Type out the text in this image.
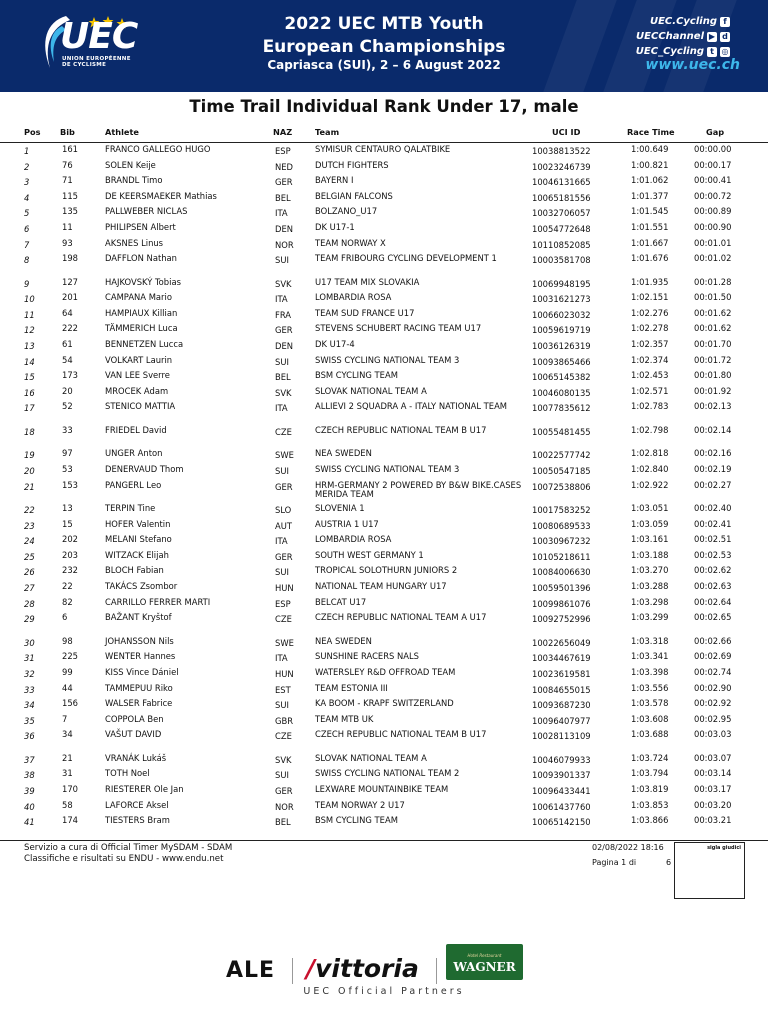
UEC
UNION EUROPÉENNE
DE CYCLISME
2022 UEC MTB Youth
European Championships
Capriasca (SUI), 2 – 6 August 2022
UEC.Cycling f
UECChannel ▶ d
UEC_Cycling t ◎
www.uec.ch
Time Trail Individual Rank Under 17, male
Pos Bib	Athlete	NAZ	Team	UCI ID	Race Time	Gap
1	161	FRANCO GALLEGO HUGO	ESP	SYMISUR CENTAURO QALATBIKE	10038813522	1:00.649	00:00.00
2	76	SOLEN Keije	NED	DUTCH FIGHTERS	10023246739	1:00.821	00:00.17
3	71	BRANDL Timo	GER	BAYERN I	10046131665	1:01.062	00:00.41
4	115	DE KEERSMAEKER Mathias	BEL	BELGIAN FALCONS	10065181556	1:01.377	00:00.72
5	135	PALLWEBER NICLAS	ITA	BOLZANO_U17	10032706057	1:01.545	00:00.89
6	11	PHILIPSEN Albert	DEN	DK U17-1	10054772648	1:01.551	00:00.90
7	93	AKSNES Linus	NOR	TEAM NORWAY X	10110852085	1:01.667	00:01.01
8	198	DAFFLON Nathan	SUI	TEAM FRIBOURG CYCLING DEVELOPMENT 1	10003581708	1:01.676	00:01.02
9	127	HAJKOVSKÝ Tobias	SVK	U17 TEAM MIX SLOVAKIA	10069948195	1:01.935	00:01.28
10	201	CAMPANA Mario	ITA	LOMBARDIA ROSA	10031621273	1:02.151	00:01.50
11	64	HAMPIAUX Killian	FRA	TEAM SUD FRANCE U17	10066023032	1:02.276	00:01.62
12	222	TÄMMERICH Luca	GER	STEVENS SCHUBERT RACING TEAM U17	10059619719	1:02.278	00:01.62
13	61	BENNETZEN Lucca	DEN	DK U17-4	10036126319	1:02.357	00:01.70
14	54	VOLKART Laurin	SUI	SWISS CYCLING NATIONAL TEAM 3	10093865466	1:02.374	00:01.72
15	173	VAN LEE Sverre	BEL	BSM CYCLING TEAM	10065145382	1:02.453	00:01.80
16	20	MROCEK Adam	SVK	SLOVAK NATIONAL TEAM A	10046080135	1:02.571	00:01.92
17	52	STENICO MATTIA	ITA	ALLIEVI 2 SQUADRA A - ITALY NATIONAL TEAM	10077835612	1:02.783	00:02.13
18	33	FRIEDEL David	CZE	CZECH REPUBLIC NATIONAL TEAM B U17	10055481455	1:02.798	00:02.14
19	97	UNGER Anton	SWE	NEA SWEDEN	10022577742	1:02.818	00:02.16
20	53	DENERVAUD Thom	SUI	SWISS CYCLING NATIONAL TEAM 3	10050547185	1:02.840	00:02.19
21	153	PANGERL Leo	GER	HRM-GERMANY 2 POWERED BY B&W BIKE.CASES MERIDA TEAM
10072538806	1:02.922	00:02.27
22	13	TERPIN Tine	SLO	SLOVENIA 1	10017583252	1:03.051	00:02.40
23	15	HOFER Valentin	AUT	AUSTRIA 1 U17	10080689533	1:03.059	00:02.41
24	202	MELANI Stefano	ITA	LOMBARDIA ROSA	10030967232	1:03.161	00:02.51
25	203	WITZACK Elijah	GER	SOUTH WEST GERMANY 1	10105218611	1:03.188	00:02.53
26	232	BLOCH Fabian	SUI	TROPICAL SOLOTHURN JUNIORS 2	10084006630	1:03.270	00:02.62
27	22	TAKÁCS Zsombor	HUN	NATIONAL TEAM HUNGARY U17	10059501396	1:03.288	00:02.63
28	82	CARRILLO FERRER MARTI	ESP	BELCAT U17	10099861076	1:03.298	00:02.64
29	6	BAŽANT Kryštof	CZE	CZECH REPUBLIC NATIONAL TEAM A U17	10092752996	1:03.299	00:02.65
30	98	JOHANSSON Nils	SWE	NEA SWEDEN	10022656049	1:03.318	00:02.66
31	225	WENTER Hannes	ITA	SUNSHINE RACERS NALS	10034467619	1:03.341	00:02.69
32	99	KISS Vince Dániel	HUN	WATERSLEY R&D OFFROAD TEAM	10023619581	1:03.398	00:02.74
33	44	TAMMEPUU Riko	EST	TEAM ESTONIA III	10084655015	1:03.556	00:02.90
34	156	WALSER Fabrice	SUI	KA BOOM - KRAPF SWITZERLAND	10093687230	1:03.578	00:02.92
35	7	COPPOLA Ben	GBR	TEAM MTB UK	10096407977	1:03.608	00:02.95
36	34	VAŠUT DAVID	CZE	CZECH REPUBLIC NATIONAL TEAM B U17	10028113109	1:03.688	00:03.03
37	21	VRANÁK Lukáš	SVK	SLOVAK NATIONAL TEAM A	10046079933	1:03.724	00:03.07
38	31	TOTH Noel	SUI	SWISS CYCLING NATIONAL TEAM 2	10093901337	1:03.794	00:03.14
39	170	RIESTERER Ole Jan	GER	LEXWARE MOUNTAINBIKE TEAM	10096433441	1:03.819	00:03.17
40	58	LAFORCE Aksel	NOR	TEAM NORWAY 2 U17	10061437760	1:03.853	00:03.20
41	174	TIESTERS Bram	BEL	BSM CYCLING TEAM	10065142150	1:03.866	00:03.21
Servizio a cura di Official Timer MySDAM - SDAM
Classifiche e risultati su ENDU - www.endu.net
02/08/2022 18:16
Pagina 1 di	6
sigla giudici
ALE /vittoria	Hotel Restaurant
WAGNER
UEC Official Partners
